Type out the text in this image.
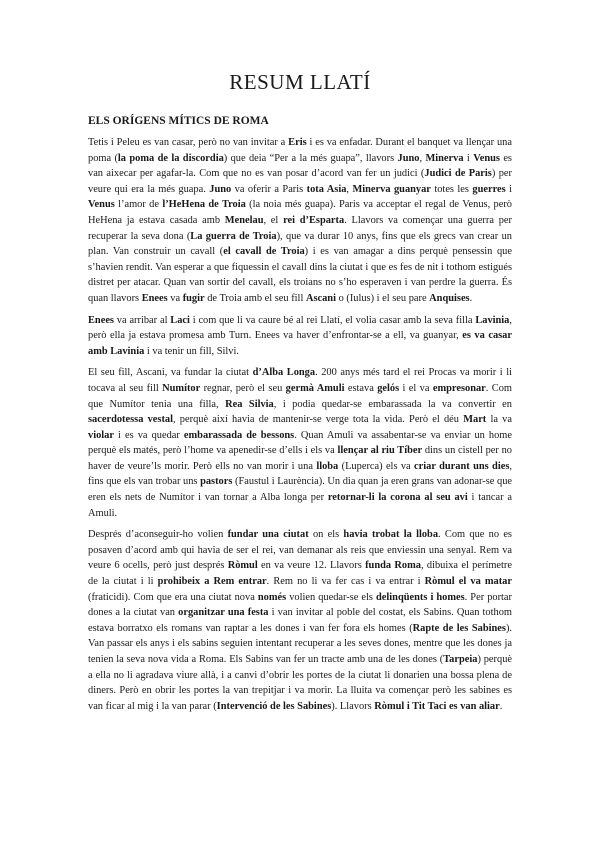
RESUM LLATÍ
ELS ORÍGENS MÍTICS DE ROMA

Tetis i Peleu es van casar, però no van invitar a Eris i es va enfadar. Durant el banquet va llençar una poma (la poma de la discordia) que deia “Per a la més guapa”, llavors Juno, Minerva i Venus es van aixecar per agafar-la. Com que no es van posar d’acord van fer un judici (Judici de Paris) per veure qui era la més guapa. Juno va oferir a Paris tota Asia, Minerva guanyar totes les guerres i Venus l’amor de l’HeHena de Troia (la noia més guapa). Paris va acceptar el regal de Venus, però HeHena ja estava casada amb Menelau, el rei d’Esparta. Llavors va començar una guerra per recuperar la seva dona (La guerra de Troia), que va durar 10 anys, fins que els grecs van crear un plan. Van construir un cavall (el cavall de Troia) i es van amagar a dins perquè pensessin que s’havien rendit. Van esperar a que fiquessin el cavall dins la ciutat i que es fes de nit i tothom estigués distret per atacar. Quan van sortir del cavall, els troians no s’ho esperaven i van perdre la guerra. És quan llavors Enees va fugir de Troia amb el seu fill Ascani o (Iulus) i el seu pare Anquises.

Enees va arribar al Laci i com que li va caure bé al rei Llatí, el volia casar amb la seva filla Lavinia, però ella ja estava promesa amb Turn. Enees va haver d’enfrontar-se a ell, va guanyar, es va casar amb Lavinia i va tenir un fill, Silvi.

El seu fill, Ascani, va fundar la ciutat d’Alba Longa. 200 anys més tard el rei Procas va morir i li tocava al seu fill Numítor regnar, però el seu germà Amuli estava gelós i el va empresonar. Com que Numítor tenia una filla, Rea Silvia, i podia quedar-se embarassada la va convertir en sacerdotessa vestal, perquè així havia de mantenir-se verge tota la vida. Però el déu Mart la va violar i es va quedar embarassada de bessons. Quan Amuli va assabentar-se va enviar un home perquè els matés, però l’home va apenedir-se d’ells i els va llençar al riu Tíber dins un cistell per no haver de veure’ls morir. Però ells no van morir i una lloba (Luperca) els va criar durant uns dies, fins que els van trobar uns pastors (Faustul i Laurència). Un dia quan ja eren grans van adonar-se que eren els nets de Numítor i van tornar a Alba longa per retornar-li la corona al seu avi i tancar a Amuli.

Després d’aconseguir-ho volien fundar una ciutat on els havia trobat la lloba. Com que no es posaven d’acord amb qui havia de ser el rei, van demanar als reis que enviessin una senyal. Rem va veure 6 ocells, però just després Ròmul en va veure 12. Llavors funda Roma, dibuixa el perímetre de la ciutat i li prohibeix a Rem entrar. Rem no li va fer cas i va entrar i Ròmul el va matar (fraticidi). Com que era una ciutat nova només volien quedar-se els delinqüents i homes. Per portar dones a la ciutat van organitzar una festa i van invitar al poble del costat, els Sabins. Quan tothom estava borratxo els romans van raptar a les dones i van fer fora els homes (Rapte de les Sabines). Van passar els anys i els sabins seguien intentant recuperar a les seves dones, mentre que les dones ja tenien la seva nova vida a Roma. Els Sabins van fer un tracte amb una de les dones (Tarpeia) perquè a ella no li agradava viure allà, i a canvi d’obrir les portes de la ciutat li donarien una bossa plena de diners. Però en obrir les portes la van trepitjar i va morir. La lluita va començar però les sabines es van ficar al mig i la van parar (Intervenció de les Sabines). Llavors Ròmul i Tit Taci es van aliar.
